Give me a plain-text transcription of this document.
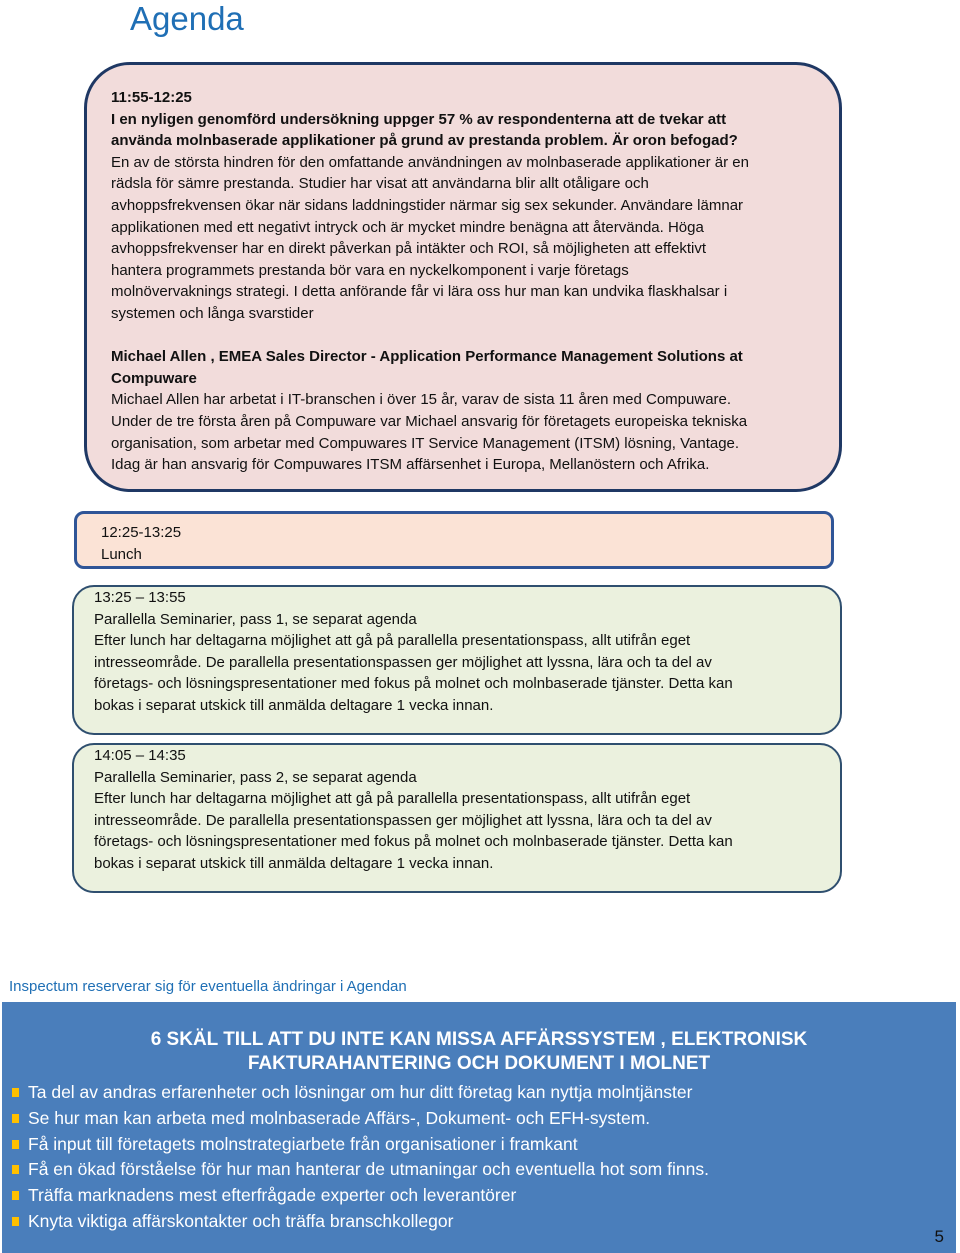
Agenda
11:55-12:25
I en nyligen genomförd undersökning uppger 57 % av respondenterna att de tvekar att
använda molnbaserade applikationer på grund av prestanda problem. Är oron befogad?
En av de största hindren för den omfattande användningen av molnbaserade applikationer är en
rädsla för sämre prestanda. Studier har visat att användarna blir allt otåligare och
avhoppsfrekvensen ökar när sidans laddningstider närmar sig sex sekunder. Användare lämnar
applikationen med ett negativt intryck och är mycket mindre benägna att återvända. Höga
avhoppsfrekvenser har en direkt påverkan på intäkter och ROI, så möjligheten att effektivt
hantera programmets prestanda bör vara en nyckelkomponent i varje företags
molnövervaknings strategi. I detta anförande får vi lära oss hur man kan undvika flaskhalsar i
systemen och långa svarstider
Michael Allen , EMEA Sales Director - Application Performance Management Solutions at
Compuware
Michael Allen har arbetat i IT-branschen i över 15 år, varav de sista 11 åren med Compuware.
Under de tre första åren på Compuware var Michael ansvarig för företagets europeiska tekniska
organisation, som arbetar med Compuwares IT Service Management (ITSM) lösning, Vantage.
Idag är han ansvarig för Compuwares ITSM affärsenhet i Europa, Mellanöstern och Afrika.
12:25-13:25
Lunch
13:25 – 13:55
Parallella Seminarier, pass 1, se separat agenda
Efter lunch har deltagarna möjlighet att gå på parallella presentationspass, allt utifrån eget
intresseområde. De parallella presentationspassen ger möjlighet att lyssna, lära och ta del av
företags- och lösningspresentationer med fokus på molnet och molnbaserade tjänster. Detta kan
bokas i separat utskick till anmälda deltagare 1 vecka innan.
14:05 – 14:35
Parallella Seminarier, pass 2, se separat agenda
Efter lunch har deltagarna möjlighet att gå på parallella presentationspass, allt utifrån eget
intresseområde. De parallella presentationspassen ger möjlighet att lyssna, lära och ta del av
företags- och lösningspresentationer med fokus på molnet och molnbaserade tjänster. Detta kan
bokas i separat utskick till anmälda deltagare 1 vecka innan.
Inspectum reserverar sig för eventuella ändringar i Agendan
6 SKÄL TILL ATT DU INTE KAN MISSA AFFÄRSSYSTEM , ELEKTRONISK
FAKTURAHANTERING OCH DOKUMENT I MOLNET
Ta del av andras erfarenheter och lösningar om hur ditt företag kan nyttja molntjänster
Se hur man kan arbeta med molnbaserade Affärs-, Dokument- och EFH-system.
Få input till företagets molnstrategiarbete från organisationer i framkant
Få en ökad förståelse för hur man hanterar de utmaningar och eventuella hot som finns.
Träffa marknadens mest efterfrågade experter och leverantörer
Knyta viktiga affärskontakter och träffa branschkollegor
5
